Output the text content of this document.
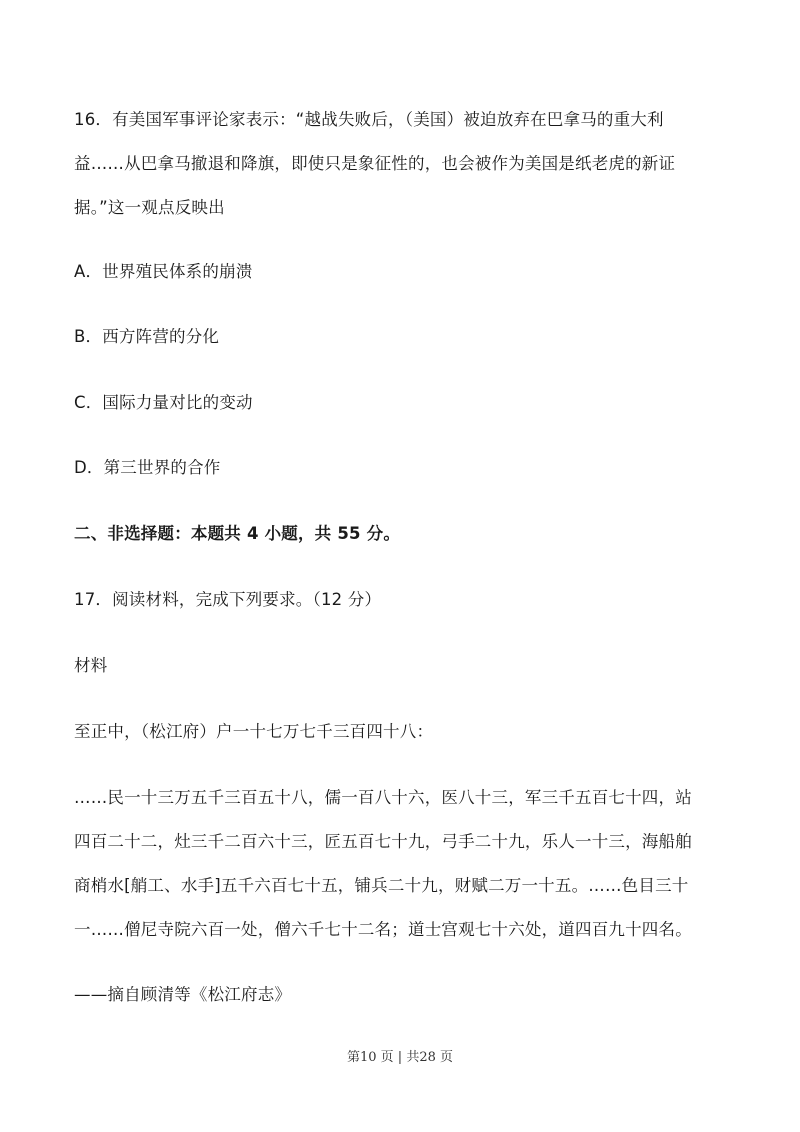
16．有美国军事评论家表示：“越战失败后，（美国）被迫放弃在巴拿马的重大利
益……从巴拿马撤退和降旗，即使只是象征性的，也会被作为美国是纸老虎的新证
据。”这一观点反映出
A．世界殖民体系的崩溃
B．西方阵营的分化
C．国际力量对比的变动
D．第三世界的合作
二、非选择题：本题共 4 小题，共 55 分。
17．阅读材料，完成下列要求。（12 分）
材料
至正中，（松江府）户一十七万七千三百四十八：
……民一十三万五千三百五十八，儒一百八十六，医八十三，军三千五百七十四，站
四百二十二，灶三千二百六十三，匠五百七十九，弓手二十九，乐人一十三，海船舶
商梢水[艄工、水手]五千六百七十五，铺兵二十九，财赋二万一十五。……色目三十
一……僧尼寺院六百一处，僧六千七十二名；道士宫观七十六处，道四百九十四名。
——摘自顾清等《松江府志》
第10 页 | 共28 页
